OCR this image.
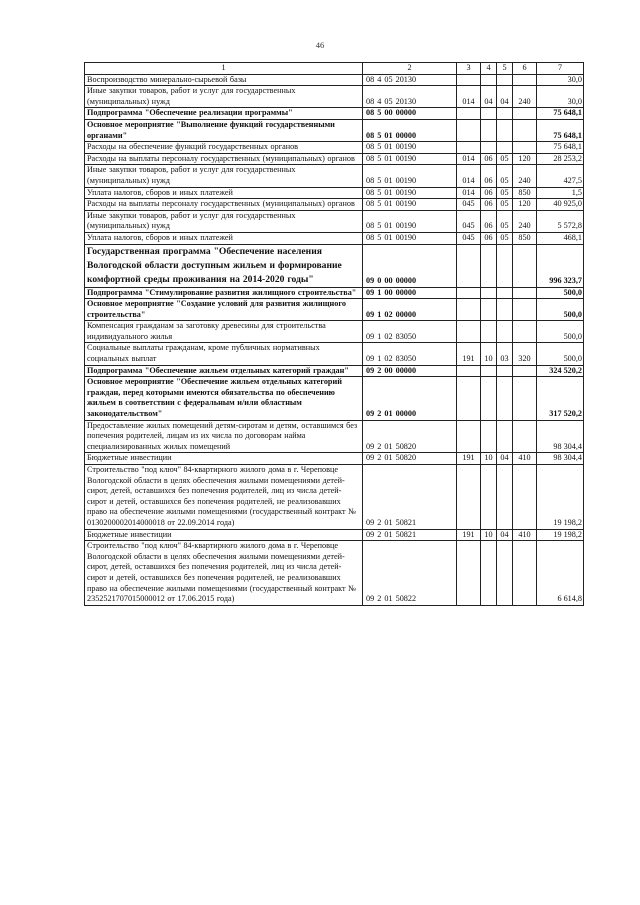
46
1	2	3	4	5	6	7
Воспроизводство минерально-сырьевой базы	08 4 05 20130					30,0
Иные закупки товаров, работ и услуг для государственных (муниципальных) нужд	08 4 05 20130	014	04	04	240	30,0
Подпрограмма "Обеспечение реализации программы"	08 5 00 00000					75 648,1
Основное мероприятие "Выполнение функций государственными органами"	08 5 01 00000					75 648,1
Расходы на обеспечение функций государственных органов	08 5 01 00190					75 648,1
Расходы на выплаты персоналу государственных (муниципальных) органов	08 5 01 00190	014	06	05	120	28 253,2
Иные закупки товаров, работ и услуг для государственных (муниципальных) нужд	08 5 01 00190	014	06	05	240	427,5
Уплата налогов, сборов и иных платежей	08 5 01 00190	014	06	05	850	1,5
Расходы на выплаты персоналу государственных (муниципальных) органов	08 5 01 00190	045	06	05	120	40 925,0
Иные закупки товаров, работ и услуг для государственных (муниципальных) нужд	08 5 01 00190	045	06	05	240	5 572,8
Уплата налогов, сборов и иных платежей	08 5 01 00190	045	06	05	850	468,1
Государственная программа "Обеспечение населения Вологодской области доступным жильем и формирование комфортной среды проживания на 2014-2020 годы"	09 0 00 00000					996 323,7
Подпрограмма "Стимулирование развития жилищного строительства"	09 1 00 00000					500,0
Основное мероприятие "Создание условий для развития жилищного строительства"	09 1 02 00000					500,0
Компенсация гражданам за заготовку древесины для строительства индивидуального жилья	09 1 02 83050					500,0
Социальные выплаты гражданам, кроме публичных нормативных социальных выплат	09 1 02 83050	191	10	03	320	500,0
Подпрограмма "Обеспечение жильем отдельных категорий граждан"	09 2 00 00000					324 520,2
Основное мероприятие "Обеспечение жильем отдельных категорий граждан, перед которыми имеются обязательства по обеспечению жильем в соответствии с федеральным и/или областным законодательством"	09 2 01 00000					317 520,2
Предоставление жилых помещений детям-сиротам и детям, оставшимся без попечения родителей, лицам из их числа по договорам найма специализированных жилых помещений	09 2 01 50820					98 304,4
Бюджетные инвестиции	09 2 01 50820	191	10	04	410	98 304,4
Строительство "под ключ" 84-квартирного жилого дома в г. Череповце Вологодской области в целях обеспечения жилыми помещениями детей-сирот, детей, оставшихся без попечения родителей, лиц из числа детей-сирот и детей, оставшихся без попечения родителей, не реализовавших право на обеспечение жилыми помещениями (государственный контракт № 0130200002014000018 от 22.09.2014 года)	09 2 01 50821					19 198,2
Бюджетные инвестиции	09 2 01 50821	191	10	04	410	19 198,2
Строительство "под ключ" 84-квартирного жилого дома в г. Череповце Вологодской области в целях обеспечения жилыми помещениями детей-сирот, детей, оставшихся без попечения родителей, лиц из числа детей-сирот и детей, оставшихся без попечения родителей, не реализовавших право на обеспечение жилыми помещениями (государственный контракт № 2352521707015000012 от 17.06.2015 года)	09 2 01 50822					6 614,8
